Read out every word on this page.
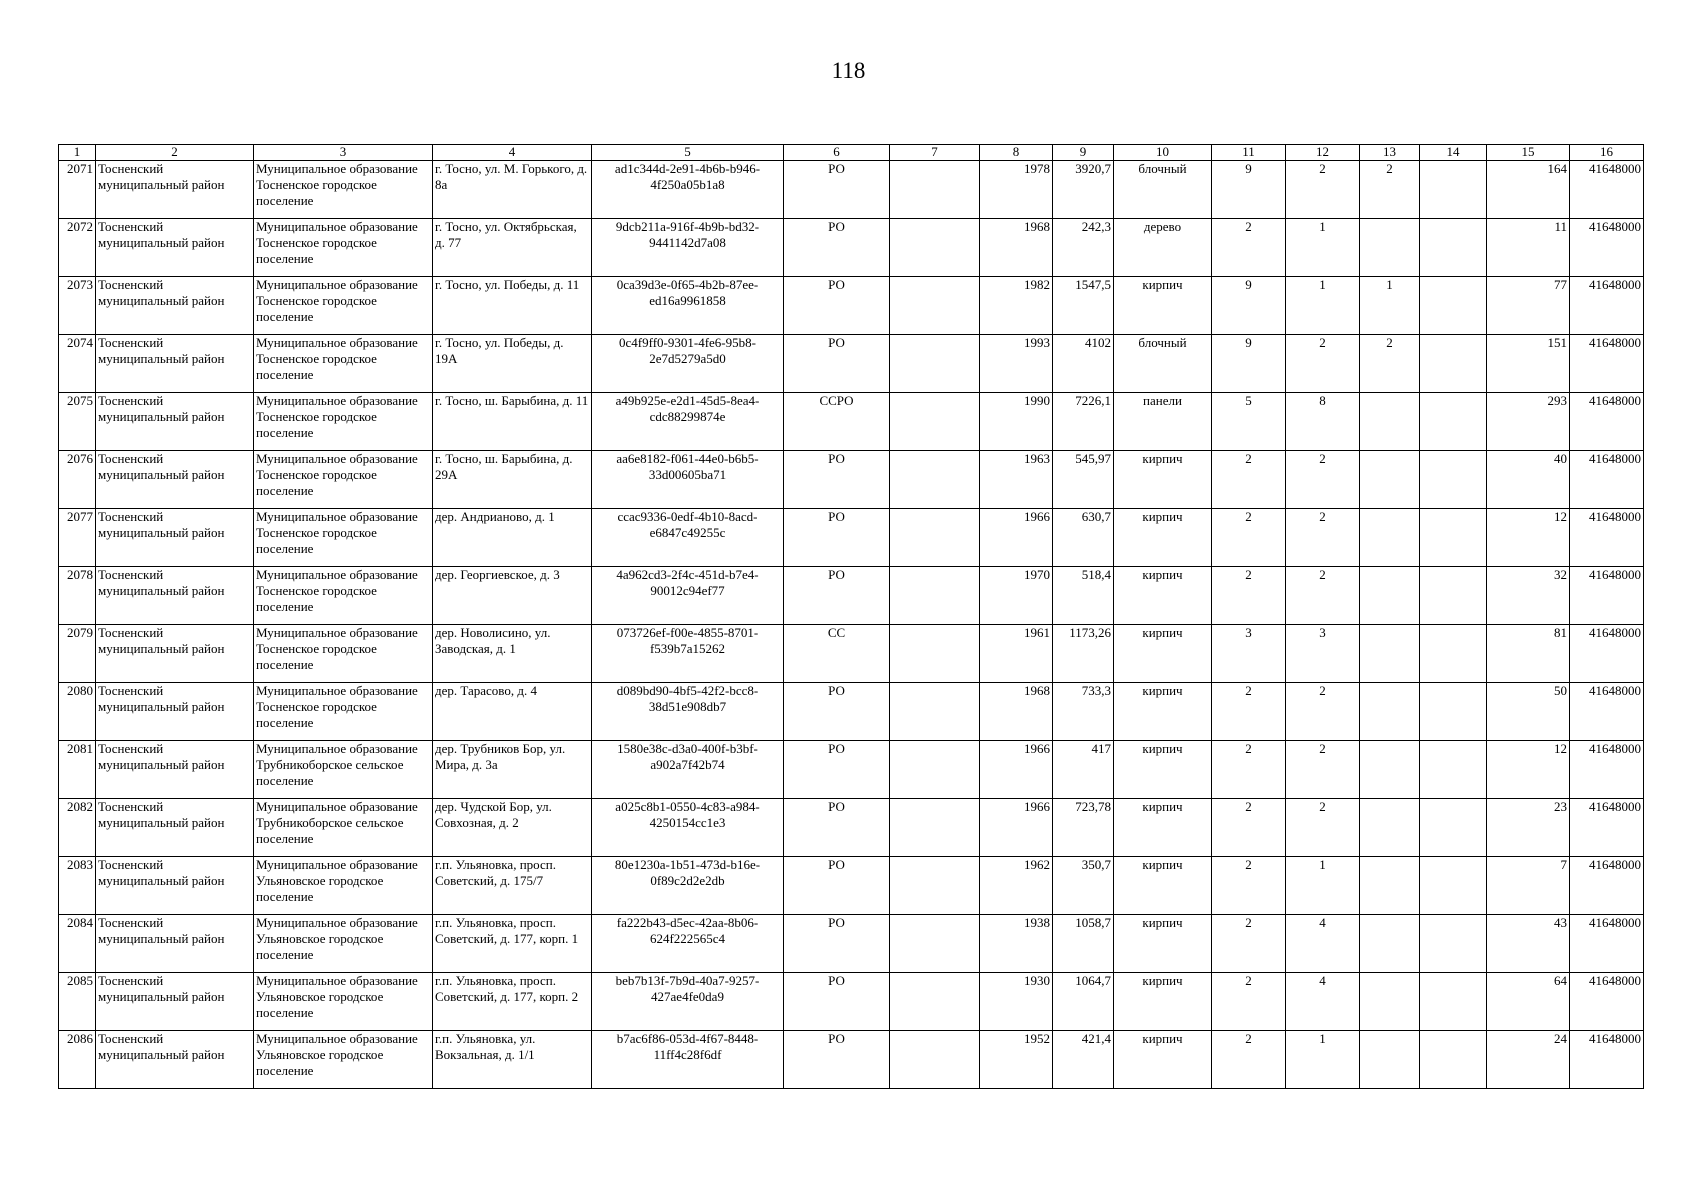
118
1	2	3	4	5	6	7	8	9	10	11	12	13	14	15	16
2071	Тосненский муниципальный район	Муниципальное образование Тосненское городское поселение	г. Тосно, ул. М. Горького, д. 8а	ad1c344d-2e91-4b6b-b946-4f250a05b1a8	РО		1978	3920,7	блочный	9	2	2		164	41648000
2072	Тосненский муниципальный район	Муниципальное образование Тосненское городское поселение	г. Тосно, ул. Октябрьская, д. 77	9dcb211a-916f-4b9b-bd32-9441142d7a08	РО		1968	242,3	дерево	2	1			11	41648000
2073	Тосненский муниципальный район	Муниципальное образование Тосненское городское поселение	г. Тосно, ул. Победы, д. 11	0ca39d3e-0f65-4b2b-87ee-ed16a9961858	РО		1982	1547,5	кирпич	9	1	1		77	41648000
2074	Тосненский муниципальный район	Муниципальное образование Тосненское городское поселение	г. Тосно, ул. Победы, д. 19А	0c4f9ff0-9301-4fe6-95b8-2e7d5279a5d0	РО		1993	4102	блочный	9	2	2		151	41648000
2075	Тосненский муниципальный район	Муниципальное образование Тосненское городское поселение	г. Тосно, ш. Барыбина, д. 11	a49b925e-e2d1-45d5-8ea4-cdc88299874e	ССРО		1990	7226,1	панели	5	8			293	41648000
2076	Тосненский муниципальный район	Муниципальное образование Тосненское городское поселение	г. Тосно, ш. Барыбина, д. 29А	aa6e8182-f061-44e0-b6b5-33d00605ba71	РО		1963	545,97	кирпич	2	2			40	41648000
2077	Тосненский муниципальный район	Муниципальное образование Тосненское городское поселение	дер. Андрианово, д. 1	ccac9336-0edf-4b10-8acd-e6847c49255c	РО		1966	630,7	кирпич	2	2			12	41648000
2078	Тосненский муниципальный район	Муниципальное образование Тосненское городское поселение	дер. Георгиевское, д. 3	4a962cd3-2f4c-451d-b7e4-90012c94ef77	РО		1970	518,4	кирпич	2	2			32	41648000
2079	Тосненский муниципальный район	Муниципальное образование Тосненское городское поселение	дер. Новолисино, ул. Заводская, д. 1	073726ef-f00e-4855-8701-f539b7a15262	СС		1961	1173,26	кирпич	3	3			81	41648000
2080	Тосненский муниципальный район	Муниципальное образование Тосненское городское поселение	дер. Тарасово, д. 4	d089bd90-4bf5-42f2-bcc8-38d51e908db7	РО		1968	733,3	кирпич	2	2			50	41648000
2081	Тосненский муниципальный район	Муниципальное образование Трубникоборское сельское поселение	дер. Трубников Бор, ул. Мира, д. 3а	1580e38c-d3a0-400f-b3bf-a902a7f42b74	РО		1966	417	кирпич	2	2			12	41648000
2082	Тосненский муниципальный район	Муниципальное образование Трубникоборское сельское поселение	дер. Чудской Бор, ул. Совхозная, д. 2	a025c8b1-0550-4c83-a984-4250154cc1e3	РО		1966	723,78	кирпич	2	2			23	41648000
2083	Тосненский муниципальный район	Муниципальное образование Ульяновское городское поселение	г.п. Ульяновка, просп. Советский, д. 175/7	80e1230a-1b51-473d-b16e-0f89c2d2e2db	РО		1962	350,7	кирпич	2	1			7	41648000
2084	Тосненский муниципальный район	Муниципальное образование Ульяновское городское поселение	г.п. Ульяновка, просп. Советский, д. 177, корп. 1	fa222b43-d5ec-42aa-8b06-624f222565c4	РО		1938	1058,7	кирпич	2	4			43	41648000
2085	Тосненский муниципальный район	Муниципальное образование Ульяновское городское поселение	г.п. Ульяновка, просп. Советский, д. 177, корп. 2	beb7b13f-7b9d-40a7-9257-427ae4fe0da9	РО		1930	1064,7	кирпич	2	4			64	41648000
2086	Тосненский муниципальный район	Муниципальное образование Ульяновское городское поселение	г.п. Ульяновка, ул. Вокзальная, д. 1/1	b7ac6f86-053d-4f67-8448-11ff4c28f6df	РО		1952	421,4	кирпич	2	1			24	41648000
